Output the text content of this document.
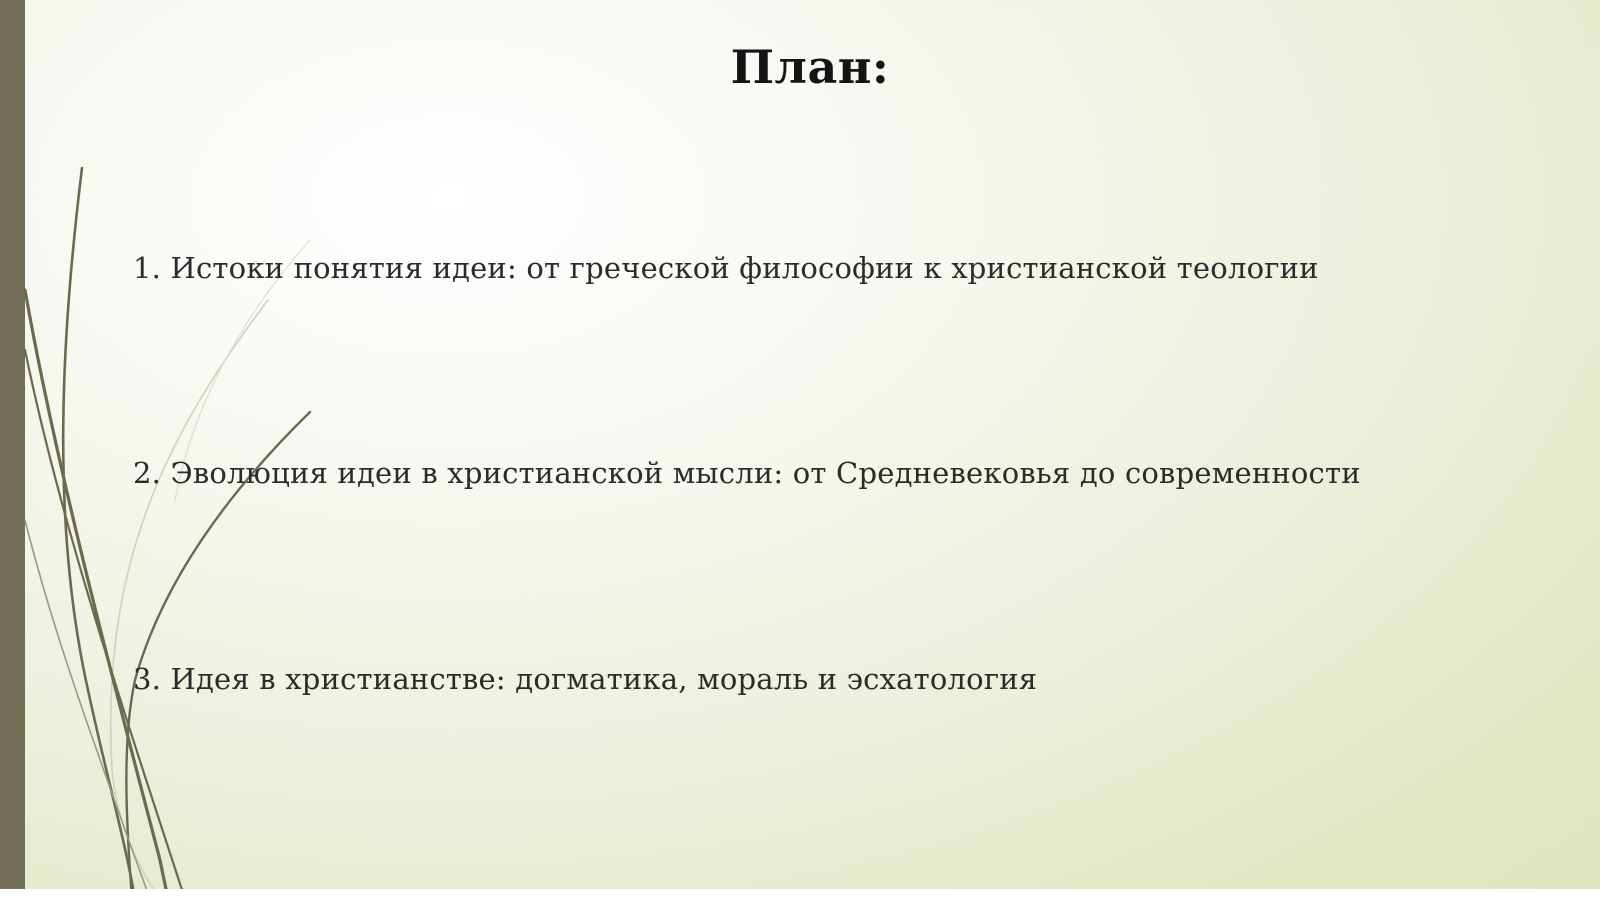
План:
1. Истоки понятия идеи: от греческой философии к христианской теологии
2. Эволюция идеи в христианской мысли: от Средневековья до современности
3. Идея в христианстве: догматика, мораль и эсхатология
